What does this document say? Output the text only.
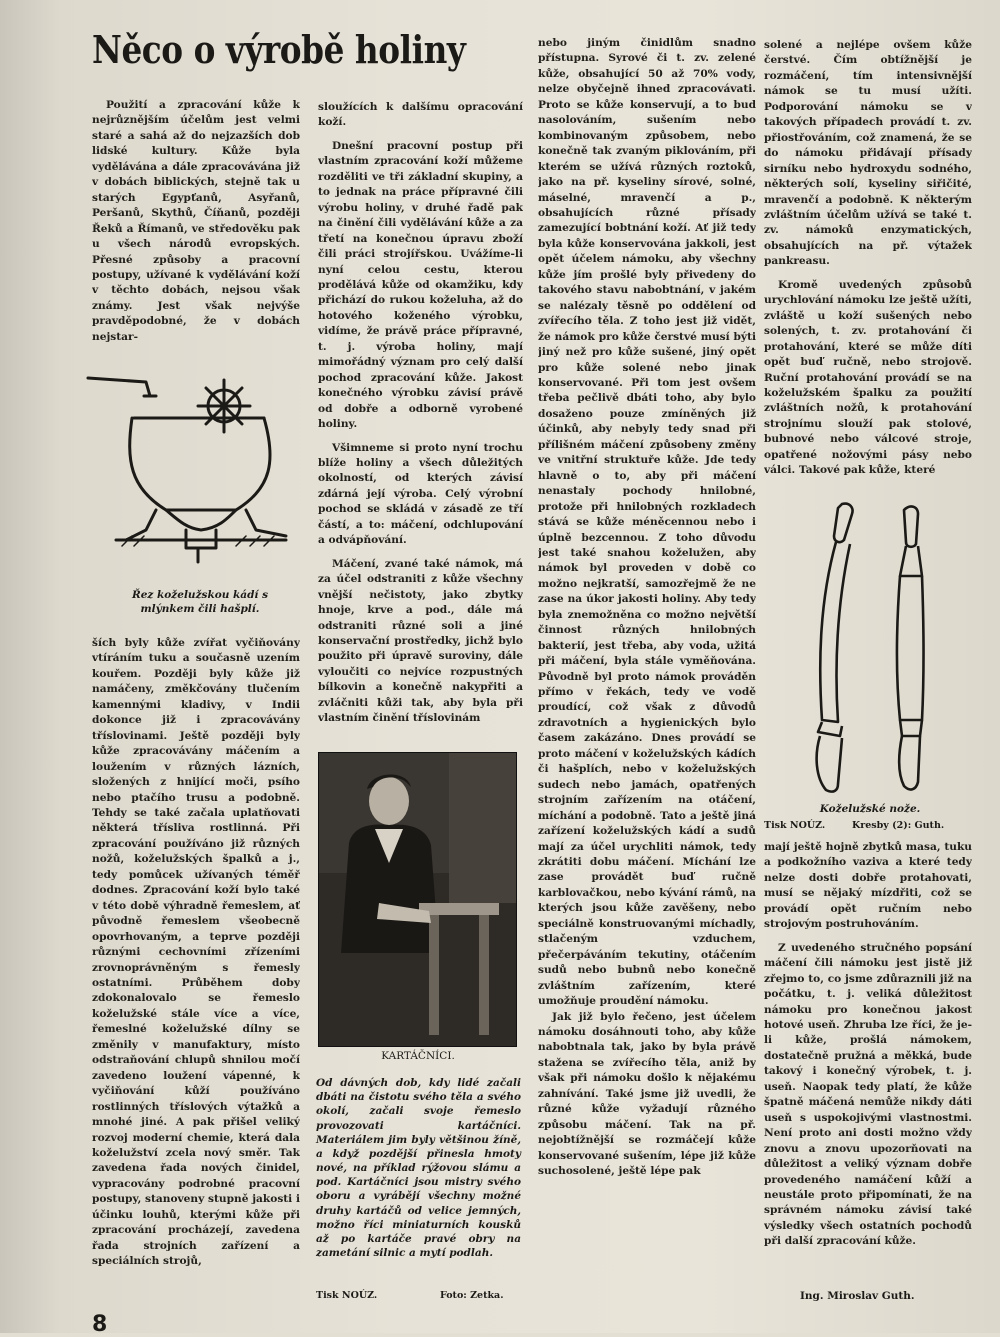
Něco o výrobě holiny

Použití a zpracování kůže k nejrůznějším účelům jest velmi staré a sahá až do nejzazších dob lidské kultury. Kůže byla vydělávána a dále zpracovávána již v dobách biblických, stejně tak u starých Egypťanů, Asyřanů, Peršanů, Skythů, Číňanů, později Řeků a Římanů, ve středověku pak u všech národů evropských. Přesné způsoby a pracovní postupy, užívané k vydělávání koží v těchto dobách, nejsou však známy. Jest však nejvýše pravděpodobné, že v dobách nejstar-

Řez koželužskou kádí s mlýnkem čili hašplí.

ších byly kůže zvířat vyčiňovány vtíráním tuku a současně uzením kouřem. Později byly kůže již namáčeny, změkčovány tlučením kamennými kladivy, v Indii dokonce již i zpracovávány tříslovinami. Ještě později byly kůže zpracovávány máčením a loužením v různých lázních, složených z hnijící moči, psího nebo ptačího trusu a podobně. Tehdy se také začala uplatňovati některá třísliva rostlinná. Při zpracování používáno již různých nožů, koželužských špalků a j., tedy pomůcek užívaných téměř dodnes. Zpracování koží bylo také v této době výhradně řemeslem, ať původně řemeslem všeobecně opovrhovaným, a teprve později různými cechovními zřízeními zrovnoprávněným s řemesly ostatními. Průběhem doby zdokonalovalo se řemeslo koželužské stále více a více, řemeslné koželužské dílny se změnily v manufaktury, místo odstraňování chlupů shnilou močí zavedeno loužení vápenné, k vyčiňování kůží používáno rostlinných tříslových výtažků a mnohé jiné. A pak přišel veliký rozvoj moderní chemie, která dala koželužství zcela nový směr. Tak zavedena řada nových činidel, vypracovány podrobné pracovní postupy, stanoveny stupně jakosti i účinku louhů, kterými kůže při zpracování procházejí, zavedena řada strojních zařízení a speciálních strojů,

sloužících k dalšímu opracování koží.

Dnešní pracovní postup při vlastním zpracování koží můžeme rozděliti ve tři základní skupiny, a to jednak na práce přípravné čili výrobu holiny, v druhé řadě pak na činění čili vydělávání kůže a za třetí na konečnou úpravu zboží čili práci strojířskou. Uvážíme-li nyní celou cestu, kterou prodělává kůže od okamžiku, kdy přichází do rukou koželuha, až do hotového koženého výrobku, vidíme, že právě práce přípravné, t. j. výroba holiny, mají mimořádný význam pro celý další pochod zpracování kůže. Jakost konečného výrobku závisí právě od dobře a odborně vyrobené holiny.

Všimneme si proto nyní trochu blíže holiny a všech důležitých okolností, od kterých závisí zdárná její výroba. Celý výrobní pochod se skládá v zásadě ze tří částí, a to: máčení, odchlupování a odvápňování.

Máčení, zvané také námok, má za účel odstraniti z kůže všechny vnější nečistoty, jako zbytky hnoje, krve a pod., dále má odstraniti různé soli a jiné konservační prostředky, jichž bylo použito při úpravě suroviny, dále vyloučiti co nejvíce rozpustných bílkovin a konečně nakypřiti a zvláčniti kůži tak, aby byla při vlastním činění tříslovinám

KARTÁČNÍCI.
Od dávných dob, kdy lidé začali dbáti na čistotu svého těla a svého okolí, začali svoje řemeslo provozovati kartáčníci. Materiálem jim byly většinou žíně, a když pozdější přinesla hmoty nové, na příklad rýžovou slámu a pod. Kartáčníci jsou mistry svého oboru a vyrábějí všechny možné druhy kartáčů od velice jemných, možno říci miniaturních kousků až po kartáče pravé obry na zametání silnic a mytí podlah.
Tisk NOÚZ.	Foto: Zetka.

nebo jiným činidlům snadno přístupna. Syrové či t. zv. zelené kůže, obsahující 50 až 70% vody, nelze obyčejně ihned zpracovávati. Proto se kůže konservují, a to buď nasolováním, sušením nebo kombinovaným způsobem, nebo konečně tak zvaným piklováním, při kterém se užívá různých roztoků, jako na př. kyseliny sírové, solné, máselné, mravenčí a p., obsahujících různé přísady zamezující bobtnání koží. Ať již tedy byla kůže konservována jakkoli, jest opět účelem námoku, aby všechny kůže jím prošlé byly přivedeny do takového stavu nabobtnání, v jakém se nalézaly těsně po oddělení od zvířecího těla. Z toho jest již vidět, že námok pro kůže čerstvé musí býti jiný než pro kůže sušené, jiný opět pro kůže solené nebo jinak konservované. Při tom jest ovšem třeba pečlivě dbáti toho, aby bylo dosaženo pouze zmíněných již účinků, aby nebyly tedy snad při přílišném máčení způsobeny změny ve vnitřní struktuře kůže. Jde tedy hlavně o to, aby při máčení nenastaly pochody hnilobné, protože při hnilobných rozkladech stává se kůže méněcennou nebo i úplně bezcennou. Z toho důvodu jest také snahou koželužen, aby námok byl proveden v době co možno nejkratší, samozřejmě že ne zase na úkor jakosti holiny. Aby tedy byla znemožněna co možno největší činnost různých hnilobných bakterií, jest třeba, aby voda, užitá při máčení, byla stále vyměňována. Původně byl proto námok prováděn přímo v řekách, tedy ve vodě proudící, což však z důvodů zdravotních a hygienických bylo časem zakázáno. Dnes provádí se proto máčení v koželužských kádích či hašplích, nebo v koželužských sudech nebo jamách, opatřených strojním zařízením na otáčení, míchání a podobně. Tato a ještě jiná zařízení koželužských kádí a sudů mají za účel urychliti námok, tedy zkrátiti dobu máčení. Míchání lze zase provádět buď ručně karblovačkou, nebo kývání rámů, na kterých jsou kůže zavěšeny, nebo speciálně konstruovanými míchadly, stlačeným vzduchem, přečerpáváním tekutiny, otáčením sudů nebo bubnů nebo konečně zvláštním zařízením, které umožňuje proudění námoku.

Jak již bylo řečeno, jest účelem námoku dosáhnouti toho, aby kůže nabobtnala tak, jako by byla právě stažena se zvířecího těla, aniž by však při námoku došlo k nějakému zahnívání. Také jsme již uvedli, že různé kůže vyžadují různého způsobu máčení. Tak na př. nejobtížnější se rozmáčejí kůže konservované sušením, lépe již kůže suchosolené, ještě lépe pak

solené a nejlépe ovšem kůže čerstvé. Čím obtížnější je rozmáčení, tím intensivnější námok se tu musí užíti. Podporování námoku se v takových případech provádí t. zv. přiostřováním, což znamená, že se do námoku přidávají přísady sirníku nebo hydroxydu sodného, některých solí, kyseliny siřičité, mravenčí a podobně. K některým zvláštním účelům užívá se také t. zv. námoků enzymatických, obsahujících na př. výtažek pankreasu.

Kromě uvedených způsobů urychlování námoku lze ještě užíti, zvláště u koží sušených nebo solených, t. zv. protahování či protahování, které se může díti opět buď ručně, nebo strojově. Ruční protahování provádí se na koželužském špalku za použití zvláštních nožů, k protahování strojnímu slouží pak stolové, bubnové nebo válcové stroje, opatřené nožovými pásy nebo válci. Takové pak kůže, které

Koželužské nože.
Tisk NOÚZ.	Kresby (2): Guth.

mají ještě hojně zbytků masa, tuku a podkožního vaziva a které tedy nelze dosti dobře protahovati, musí se nějaký mízdřiti, což se provádí opět ručním nebo strojovým postruhováním.

Z uvedeného stručného popsání máčení čili námoku jest jistě již zřejmo to, co jsme zdůraznili již na počátku, t. j. veliká důležitost námoku pro konečnou jakost hotové useň. Zhruba lze říci, že je-li kůže, prošlá námokem, dostatečně pružná a měkká, bude takový i konečný výrobek, t. j. useň. Naopak tedy platí, že kůže špatně máčená nemůže nikdy dáti useň s uspokojivými vlastnostmi. Není proto ani dosti možno vždy znovu a znovu upozorňovati na důležitost a veliký význam dobře provedeného namáčení kůží a neustále proto připomínati, že na správném námoku závisí také výsledky všech ostatních pochodů při další zpracování kůže.

Ing. Miroslav Guth.
8
